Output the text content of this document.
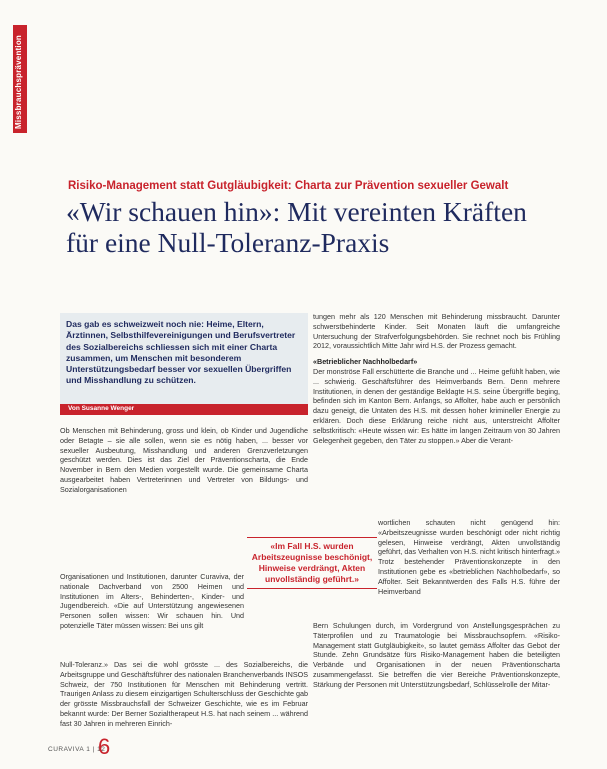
Missbrauchsprävention
Risiko-Management statt Gutgläubigkeit: Charta zur Prävention sexueller Gewalt
«Wir schauen hin»: Mit vereinten Kräften für eine Null-Toleranz-Praxis

Das gab es schweizweit noch nie: Heime, Eltern, Ärztinnen, Selbsthilfevereinigungen und Berufsvertreter des Sozialbereichs schliessen sich mit einer Charta zusammen, um Menschen mit besonderem Unterstützungsbedarf besser vor sexuellen Übergriffen und Misshandlung zu schützen.

Von Susanne Wenger

Ob Menschen mit Behinderung, gross und klein, ob Kinder und Jugendliche oder Betagte – sie alle sollen, wenn sie es nötig haben, ... besser vor sexueller Ausbeutung, Misshandlung und anderen Grenzverletzungen geschützt werden. Dies ist das Ziel der Präventionscharta, die Ende November in Bern den Medien vorgestellt wurde. Die gemeinsame Charta ausgearbeitet haben Vertreterinnen und Vertreter von Bildungs- und Sozialorganisationen

Organisationen und Institutionen, darunter Curaviva, der nationale Dachverband von 2500 Heimen und Institutionen im Alters-, Behinderten-, Kinder- und Jugendbereich. «Die auf Unterstützung angewiesenen Personen sollen wissen: Wir schauen hin. Und potenzielle Täter müssen wissen: Bei uns gilt

Null-Toleranz.» Das sei die wohl grösste ... des Sozialbereichs, die Arbeitsgruppe und Geschäftsführer des nationalen Branchenverbands INSOS Schweiz, der 750 Institutionen für Menschen mit Behinderung vertritt. Traurigen Anlass zu diesem einzigartigen Schulterschluss der Geschichte gab der grösste Missbrauchsfall der Schweizer Geschichte, wie es im Februar bekannt wurde: Der Berner Sozialtherapeut H.S. hat nach seinem ... während fast 30 Jahren in mehreren Einrich-

tungen mehr als 120 Menschen mit Behinderung missbraucht. Darunter schwerstbehinderte Kinder. Seit Monaten läuft die umfangreiche Untersuchung der Strafverfolgungsbehörden. Sie rechnet noch bis Frühling 2012, voraussichtlich Mitte Jahr wird H.S. der Prozess gemacht.

«Betrieblicher Nachholbedarf»

Der monströse Fall erschütterte die Branche und ... Heime gefühlt haben, wie ... schwierig. Geschäftsführer des Heimverbands Bern. Denn mehrere Institutionen, in denen der geständige Beklagte H.S. seine Übergriffe beging, befinden sich im Kanton Bern. Anfangs, so Affolter, habe auch er persönlich dazu geneigt, die Untaten des H.S. mit dessen hoher krimineller Energie zu erklären. Doch diese Erklärung reiche nicht aus, unterstreicht Affolter selbstkritisch: «Heute wissen wir: Es hätte im langen Zeitraum von 30 Jahren Gelegenheit gegeben, den Täter zu stoppen.» Aber die Verant-

wortlichen schauten nicht genügend hin: «Arbeitszeugnisse wurden beschönigt oder nicht richtig gelesen, Hinweise verdrängt, Akten unvollständig geführt, das Verhalten von H.S. nicht kritisch hinterfragt.» Trotz bestehender Präventionskonzepte in den Institutionen gebe es «betrieblichen Nachholbedarf», so Affolter. Seit Bekanntwerden des Falls H.S. führe der Heimverband

Bern Schulungen durch, im Vordergrund von Anstellungsgesprächen zu Täterprofilen und zu Traumatologie bei Missbrauchsopfern. «Risiko-Management statt Gutgläubigkeit», so lautet gemäss Affolter das Gebot der Stunde. Zehn Grundsätze fürs Risiko-Management haben die beteiligten Verbände und Organisationen in der neuen Präventionscharta zusammengefasst. Sie betreffen die vier Bereiche Präventionskonzepte, Stärkung der Personen mit Unterstützungsbedarf, Schlüsselrolle der Mitar-

«Im Fall H.S. wurden Arbeitszeugnisse beschönigt, Hinweise verdrängt, Akten unvollständig geführt.»
CURAVIVA 1 | 12
6
